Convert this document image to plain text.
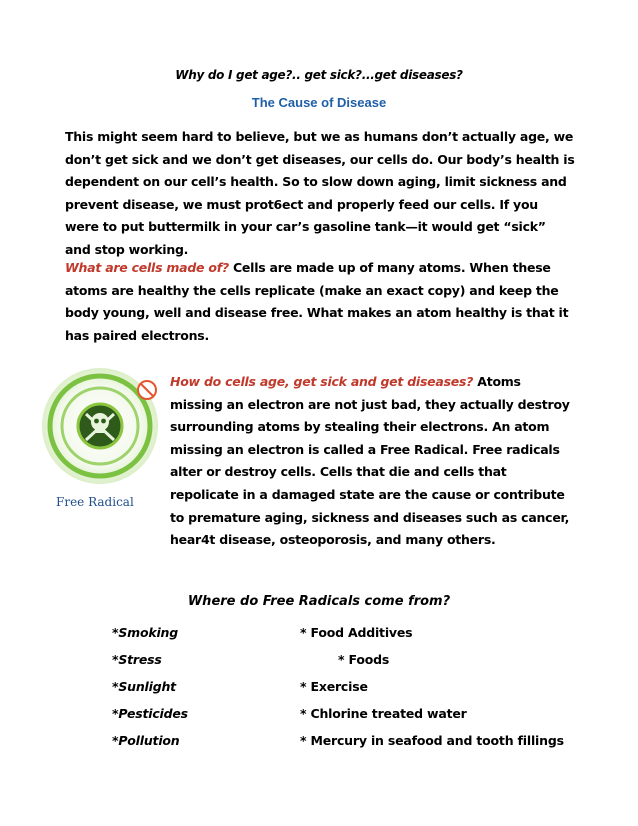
Why do I get age?.. get sick?...get diseases?
The Cause of Disease
This might seem hard to believe, but we as humans don’t actually age, we don’t get sick and we don’t get diseases, our cells do. Our body’s health is dependent on our cell’s health. So to slow down aging, limit sickness and prevent disease, we must prot6ect and properly feed our cells. If you were to put buttermilk in your car’s gasoline tank—it would get “sick” and stop working.
What are cells made of? Cells are made up of many atoms. When these atoms are healthy the cells replicate (make an exact copy) and keep the body young, well and disease free. What makes an atom healthy is that it has paired electrons.
Free Radical
How do cells age, get sick and get diseases? Atoms missing an electron are not just bad, they actually destroy surrounding atoms by stealing their electrons. An atom missing an electron is called a Free Radical. Free radicals alter or destroy cells. Cells that die and cells that repolicate in a damaged state are the cause or contribute to premature aging, sickness and diseases such as cancer, hear4t disease, osteoporosis, and many others.
Where do Free Radicals come from?
*Smoking
*Stress
*Sunlight
*Pesticides
*Pollution
* Food Additives
* Foods
* Exercise
* Chlorine treated water
* Mercury in seafood and tooth fillings
